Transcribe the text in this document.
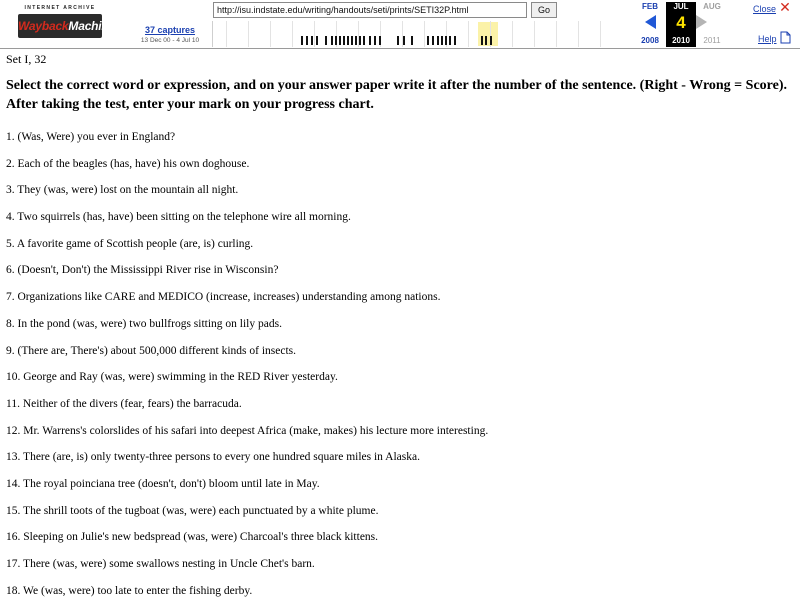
INTERNET ARCHIVE
WaybackMachine
http://isu.indstate.edu/writing/handouts/seti/prints/SETI32P.html
Go
37 captures
13 Dec 00 - 4 Jul 10
FEB	JUL	AUG
4
2008	2010	2011
Close ✕
Help
Set I, 32
Select the correct word or expression, and on your answer paper write it after the number of the sentence. (Right - Wrong = Score). After taking the test, enter your mark on your progress chart.
1. (Was, Were) you ever in England?
2. Each of the beagles (has, have) his own doghouse.
3. They (was, were) lost on the mountain all night.
4. Two squirrels (has, have) been sitting on the telephone wire all morning.
5. A favorite game of Scottish people (are, is) curling.
6. (Doesn't, Don't) the Mississippi River rise in Wisconsin?
7. Organizations like CARE and MEDICO (increase, increases) understanding among nations.
8. In the pond (was, were) two bullfrogs sitting on lily pads.
9. (There are, There's) about 500,000 different kinds of insects.
10. George and Ray (was, were) swimming in the RED River yesterday.
11. Neither of the divers (fear, fears) the barracuda.
12. Mr. Warrens's colorslides of his safari into deepest Africa (make, makes) his lecture more interesting.
13. There (are, is) only twenty-three persons to every one hundred square miles in Alaska.
14. The royal poinciana tree (doesn't, don't) bloom until late in May.
15. The shrill toots of the tugboat (was, were) each punctuated by a white plume.
16. Sleeping on Julie's new bedspread (was, were) Charcoal's three black kittens.
17. There (was, were) some swallows nesting in Uncle Chet's barn.
18. We (was, were) too late to enter the fishing derby.
